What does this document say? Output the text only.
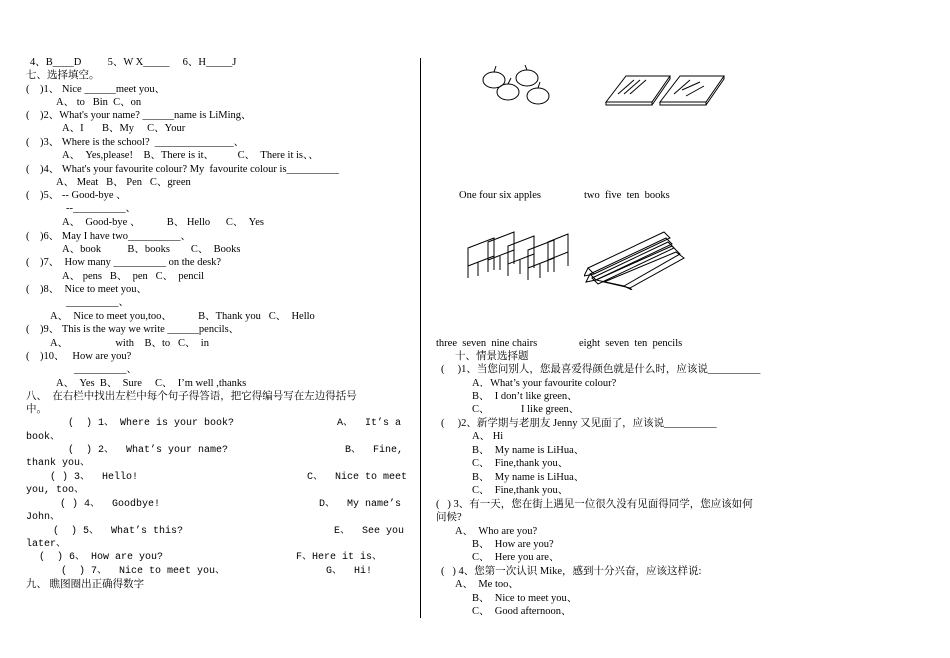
4、B____D          5、W X_____     6、H_____J
七、选择填空。
(    )1、 Nice ______meet you、
A、 to   Bin  C、on
(    )2、What's your name? ______name is LiMing、
A、I       B、My     C、Your
(    )3、 Where is the school?  _______________、
A、  Yes,please!    B、There is it、         C、  There it is、、
(    )4、 What's your favourite colour? My  favourite colour is__________
A、 Meat   B、 Pen   C、green
(    )5、 -- Good-bye 、
--__________、
A、  Good-bye 、          B、 Hello      C、  Yes
(    )6、 May I have two__________、
A、book          B、books        C、  Books
(    )7、  How many __________ on the desk?
A、 pens   B、  pen   C、  pencil
(    )8、  Nice to meet you、
__________、
A、  Nice to meet you,too、          B、Thank you   C、  Hello
(    )9、 This is the way we write ______pencils、
A、                  with    B、to   C、  in
(    )10、   How are you?
__________、
A、  Yes  B、  Sure     C、  I’m well ,thanks
八、  在右栏中找出左栏中每个句子得答语，把它得编号写在左边得括号
中。
(  ) 1、 Where is your book?	A、  It’s a
book、
(  ) 2、  What’s your name?	B、  Fine,
thank you、
( ) 3、  Hello!	C、  Nice to meet
you, too、
( ) 4、  Goodbye!	D、  My name’s
John、
(  ) 5、  What’s this?	E、  See you
later、
(  ) 6、 How are you?	F、Here it is、
(  ) 7、  Nice to meet you、	G、  Hi!
九、 瞧图圈出正确得数字
One four six apples	two  five  ten  books
three  seven  nine chairs	eight  seven  ten  pencils
十、情景选择题
(     )1、当您问别人，您最喜爱得颜色就是什么时，应该说__________
A．What’s your favourite colour?
B、  I don’t like green、
C、            I like green、
(     )2、新学期与老朋友 Jenny 又见面了，应该说__________
A、 Hi
B、  My name is LiHua、
C、  Fine,thank you、
B、  My name is LiHua、
C、  Fine,thank you、
(   ) 3、有一天，您在街上遇见一位很久没有见面得同学，您应该如何
问候?
A、  Who are you?
B、  How are you?
C、  Here you are、
(   ) 4、您第一次认识 Mike，感到十分兴奋，应该这样说:
A、  Me too、
B、  Nice to meet you、
C、  Good afternoon、
